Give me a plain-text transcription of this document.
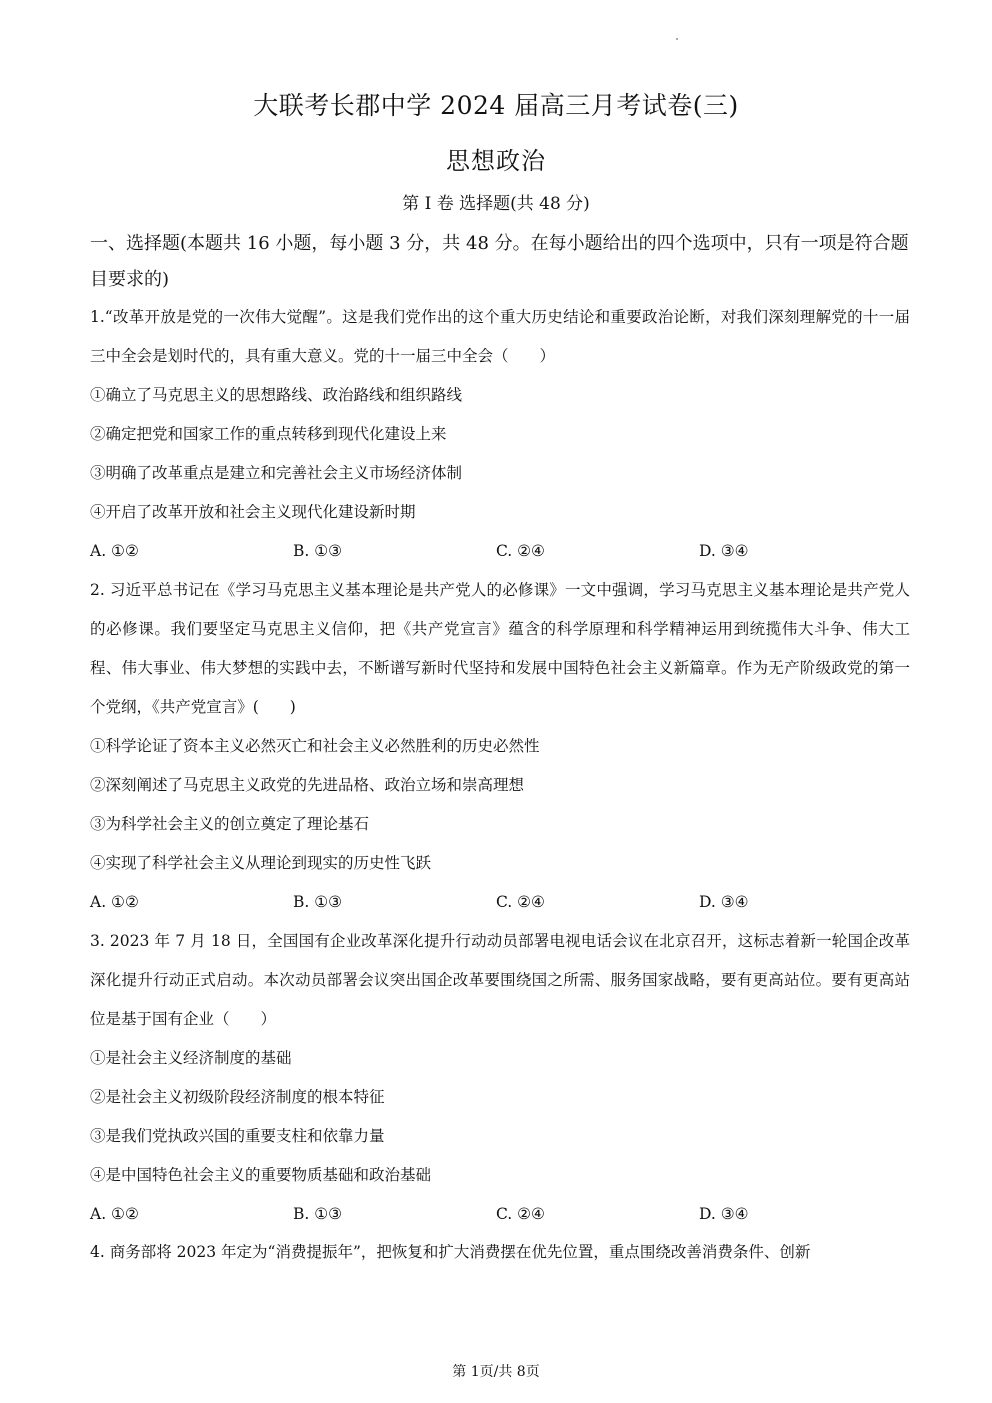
大联考长郡中学 2024 届高三月考试卷(三)
思想政治
第 I 卷 选择题(共 48 分)
一、选择题(本题共 16 小题，每小题 3 分，共 48 分。在每小题给出的四个选项中，只有一项是符合题目要求的)
1.“改革开放是党的一次伟大觉醒”。这是我们党作出的这个重大历史结论和重要政治论断，对我们深刻理解党的十一届三中全会是划时代的，具有重大意义。党的十一届三中全会（　　）
①确立了马克思主义的思想路线、政治路线和组织路线
②确定把党和国家工作的重点转移到现代化建设上来
③明确了改革重点是建立和完善社会主义市场经济体制
④开启了改革开放和社会主义现代化建设新时期
A. ①②	B. ①③	C. ②④	D. ③④
2. 习近平总书记在《学习马克思主义基本理论是共产党人的必修课》一文中强调，学习马克思主义基本理论是共产党人的必修课。我们要坚定马克思主义信仰，把《共产党宣言》蕴含的科学原理和科学精神运用到统揽伟大斗争、伟大工程、伟大事业、伟大梦想的实践中去，不断谱写新时代坚持和发展中国特色社会主义新篇章。作为无产阶级政党的第一个党纲，《共产党宣言》(　　)
①科学论证了资本主义必然灭亡和社会主义必然胜利的历史必然性
②深刻阐述了马克思主义政党的先进品格、政治立场和崇高理想
③为科学社会主义的创立奠定了理论基石
④实现了科学社会主义从理论到现实的历史性飞跃
A. ①②	B. ①③	C. ②④	D. ③④
3. 2023 年 7 月 18 日，全国国有企业改革深化提升行动动员部署电视电话会议在北京召开，这标志着新一轮国企改革深化提升行动正式启动。本次动员部署会议突出国企改革要围绕国之所需、服务国家战略，要有更高站位。要有更高站位是基于国有企业（　　）
①是社会主义经济制度的基础
②是社会主义初级阶段经济制度的根本特征
③是我们党执政兴国的重要支柱和依靠力量
④是中国特色社会主义的重要物质基础和政治基础
A. ①②	B. ①③	C. ②④	D. ③④
4. 商务部将 2023 年定为“消费提振年”，把恢复和扩大消费摆在优先位置，重点围绕改善消费条件、创新
第 1页/共 8页
